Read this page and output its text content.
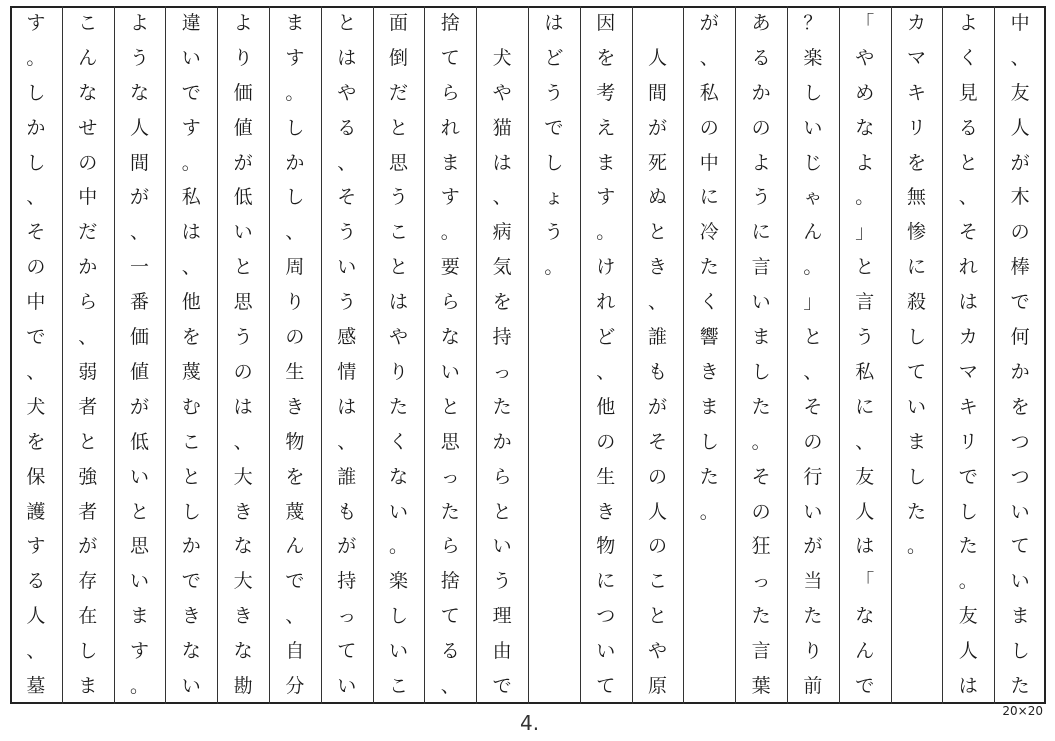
中
、
友
人
が
木
の
棒
で
何
か
を
つ
つ
い
て
い
ま
し
た
よ
く
見
る
と
、
そ
れ
は
カ
マ
キ
リ
で
し
た
。
友
人
は
カ
マ
キ
リ
を
無
惨
に
殺
し
て
い
ま
し
た
。

「
や
め
な
よ
。
」
と
言
う
私
に
、
友
人
は
「
な
ん
で
？
楽
し
い
じ
ゃ
ん
。
」
と
、
そ
の
行
い
が
当
た
り
前
あ
る
か
の
よ
う
に
言
い
ま
し
た
。
そ
の
狂
っ
た
言
葉
が
、
私
の
中
に
冷
た
く
響
き
ま
し
た
。

人
間
が
死
ぬ
と
き
、
誰
も
が
そ
の
人
の
こ
と
や
原
因
を
考
え
ま
す
。
け
れ
ど
、
他
の
生
き
物
に
つ
い
て
は
ど
う
で
し
ょ
う
。

犬
や
猫
は
、
病
気
を
持
っ
た
か
ら
と
い
う
理
由
で
捨
て
ら
れ
ま
す
。
要
ら
な
い
と
思
っ
た
ら
捨
て
る
、
面
倒
だ
と
思
う
こ
と
は
や
り
た
く
な
い
。
楽
し
い
こ
と
は
や
る
、
そ
う
い
う
感
情
は
、
誰
も
が
持
っ
て
い
ま
す
。
し
か
し
、
周
り
の
生
き
物
を
蔑
ん
で
、
自
分
よ
り
価
値
が
低
い
と
思
う
の
は
、
大
き
な
大
き
な
勘
違
い
で
す
。
私
は
、
他
を
蔑
む
こ
と
し
か
で
き
な
い
よ
う
な
人
間
が
、
一
番
価
値
が
低
い
と
思
い
ま
す
。
こ
ん
な
せ
の
中
だ
か
ら
、
弱
者
と
強
者
が
存
在
し
ま
す
。
し
か
し
、
そ
の
中
で
、
犬
を
保
護
す
る
人
、
墓
20×20
4.
